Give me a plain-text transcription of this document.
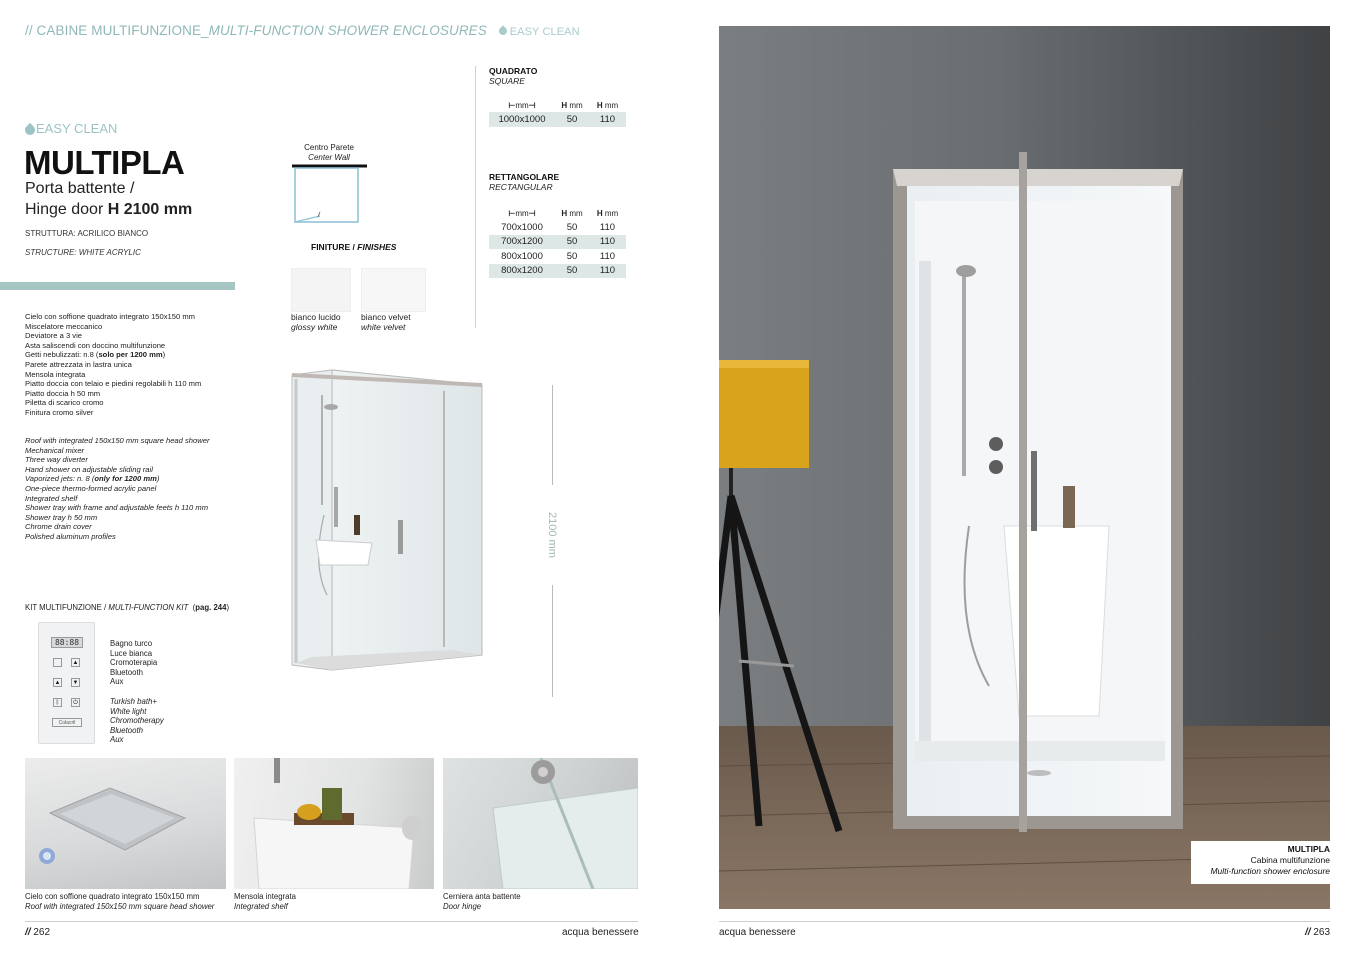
// CABINE MULTIFUNZIONE_MULTI-FUNCTION SHOWER ENCLOSURES EASY CLEAN
EASY CLEAN
MULTIPLA
Porta battente /
Hinge door H 2100 mm
STRUTTURA: ACRILICO BIANCO
STRUCTURE: WHITE ACRYLIC
Cielo con soffione quadrato integrato 150x150 mm
Miscelatore meccanico
Deviatore a 3 vie
Asta saliscendi con doccino multifunzione
Getti nebulizzati: n.8 (solo per 1200 mm)
Parete attrezzata in lastra unica
Mensola integrata
Piatto doccia con telaio e piedini regolabili h 110 mm
Piatto doccia h 50 mm
Piletta di scarico cromo
Finitura cromo silver
Roof with integrated 150x150 mm square head shower
Mechanical mixer
Three way diverter
Hand shower on adjustable sliding rail
Vaporized jets: n. 8 (only for 1200 mm)
One-piece thermo-formed acrylic panel
Integrated shelf
Shower tray with frame and adjustable feets h 110 mm
Shower tray h 50 mm
Chrome drain cover
Polished aluminum profiles
Centro Parete
Center Wall
FINITURE / FINISHES
bianco lucido
glossy white
bianco velvet
white velvet
QUADRATO
SQUARE
⊢mm⊣	H mm	H mm
1000x1000	50	110
RETTANGOLARE
RECTANGULAR
⊢mm⊣	H mm	H mm
700x1000	50	110
700x1200	50	110
800x1000	50	110
800x1200	50	110
2100 mm
KIT MULTIFUNZIONE / MULTI-FUNCTION KIT  (pag. 244)
88:88
▲
▲ ▼
ᛒ	⏻
Colacril
Bagno turco
Luce bianca
Cromoterapia
Bluetooth
Aux
Turkish bath+
White light
Chromotherapy
Bluetooth
Aux
Cielo con soffione quadrato integrato 150x150 mm
Roof with integrated 150x150 mm square head shower
Mensola integrata
Integrated shelf
Cerniera anta battente
Door hinge
// 262	acqua benessere
MULTIPLA
Cabina multifunzione
Multi-function shower enclosure
acqua benessere	// 263
